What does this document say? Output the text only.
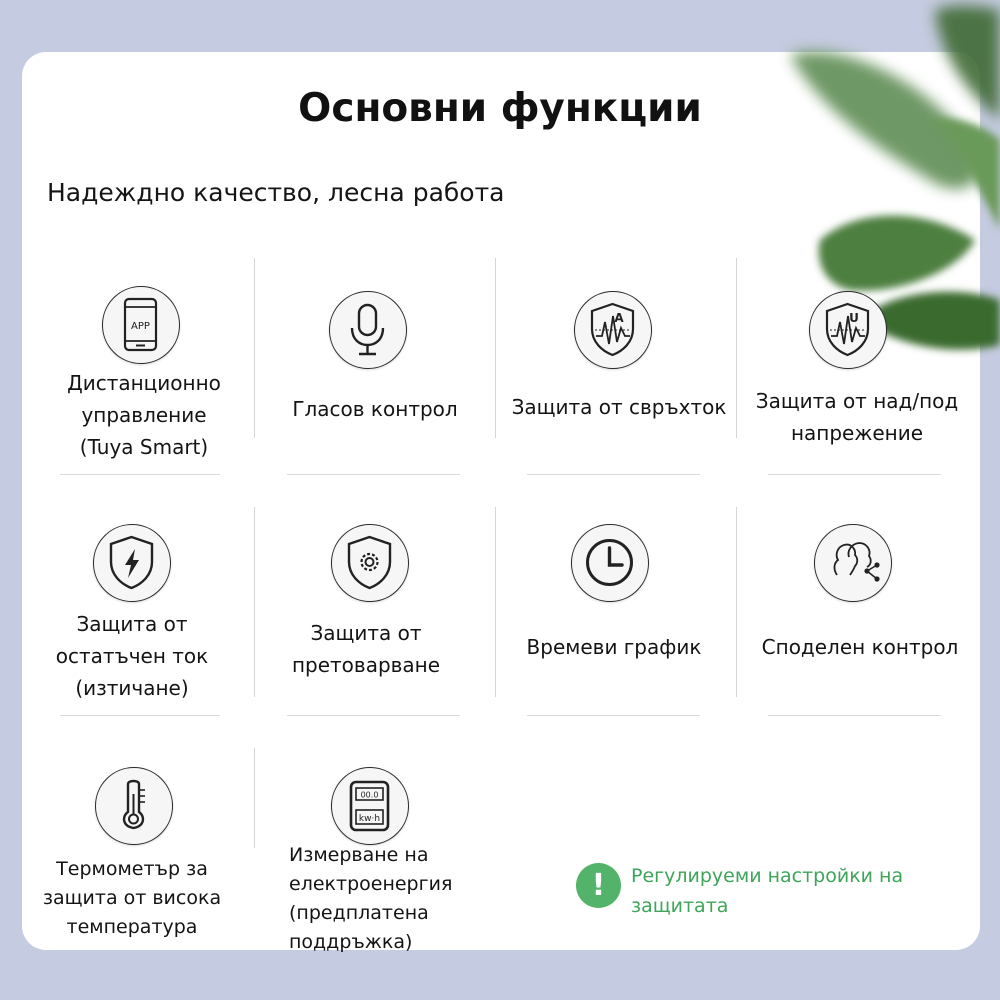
Основни функции
Надеждно качество, лесна работа
APP
Дистанционно
управление
(Tuya Smart)
Гласов контрол
A
Защита от свръхток
U
Защита от над/под
напрежение
Защита от
остатъчен ток
(изтичане)
Защита от
претоварване
Времеви график	Споделен контрол
Термометър за
защита от висока
температура
00.0
kw·h
Измерване на
електроенергия
(предплатена
поддръжка)
!	Регулируеми настройки на
защитата
